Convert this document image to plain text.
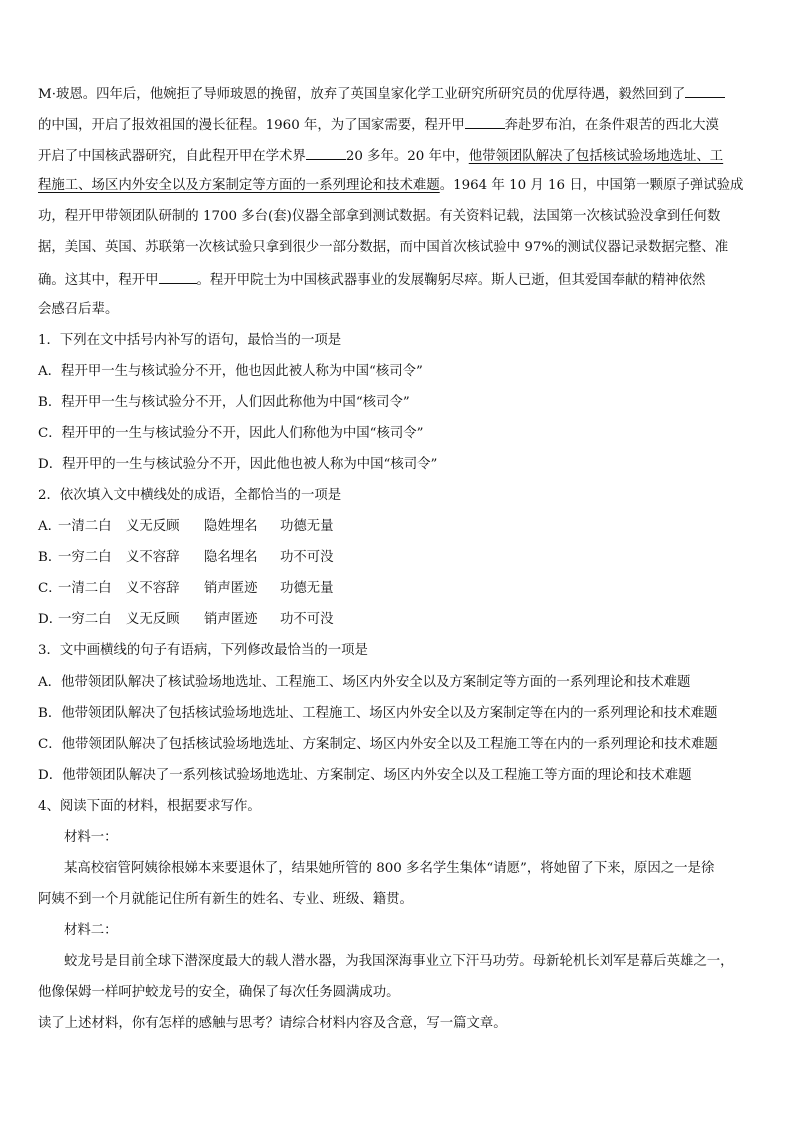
M·玻恩。四年后，他婉拒了导师玻恩的挽留，放弃了英国皇家化学工业研究所研究员的优厚待遇，毅然回到了
的中国，开启了报效祖国的漫长征程。1960 年，为了国家需要，程开甲	奔赴罗布泊，在条件艰苦的西北大漠
开启了中国核武器研究，自此程开甲在学术界	20 多年。20 年中，他带领团队解决了包括核试验场地选址、工
程施工、场区内外安全以及方案制定等方面的一系列理论和技术难题。1964 年 10 月 16 日，中国第一颗原子弹试验成
功，程开甲带领团队研制的 1700 多台(套)仪器全部拿到测试数据。有关资料记载，法国第一次核试验没拿到任何数
据，美国、英国、苏联第一次核试验只拿到很少一部分数据，而中国首次核试验中 97%的测试仪器记录数据完整、准
确。这其中，程开甲	。程开甲院士为中国核武器事业的发展鞠躬尽瘁。斯人已逝，但其爱国奉献的精神依然
会感召后辈。
1．下列在文中括号内补写的语句，最恰当的一项是
A．程开甲一生与核试验分不开，他也因此被人称为中国“核司令”
B．程开甲一生与核试验分不开，人们因此称他为中国“核司令”
C．程开甲的一生与核试验分不开，因此人们称他为中国“核司令”
D．程开甲的一生与核试验分不开，因此他也被人称为中国“核司令”
2．依次填入文中横线处的成语，全都恰当的一项是
A．一清二白 义无反顾 隐姓埋名 功德无量
B．一穷二白 义不容辞 隐名埋名 功不可没
C．一清二白 义不容辞 销声匿迹 功德无量
D．一穷二白 义无反顾 销声匿迹 功不可没
3．文中画横线的句子有语病，下列修改最恰当的一项是
A．他带领团队解决了核试验场地选址、工程施工、场区内外安全以及方案制定等方面的一系列理论和技术难题
B．他带领团队解决了包括核试验场地选址、工程施工、场区内外安全以及方案制定等在内的一系列理论和技术难题
C．他带领团队解决了包括核试验场地选址、方案制定、场区内外安全以及工程施工等在内的一系列理论和技术难题
D．他带领团队解决了一系列核试验场地选址、方案制定、场区内外安全以及工程施工等方面的理论和技术难题
4、阅读下面的材料，根据要求写作。
材料一：
某高校宿管阿姨徐根娣本来要退休了，结果她所管的 800 多名学生集体“请愿”，将她留了下来，原因之一是徐
阿姨不到一个月就能记住所有新生的姓名、专业、班级、籍贯。
材料二：
蛟龙号是目前全球下潜深度最大的载人潜水器，为我国深海事业立下汗马功劳。母新轮机长刘军是幕后英雄之一，
他像保姆一样呵护蛟龙号的安全，确保了每次任务圆满成功。
读了上述材料，你有怎样的感触与思考？请综合材料内容及含意，写一篇文章。
